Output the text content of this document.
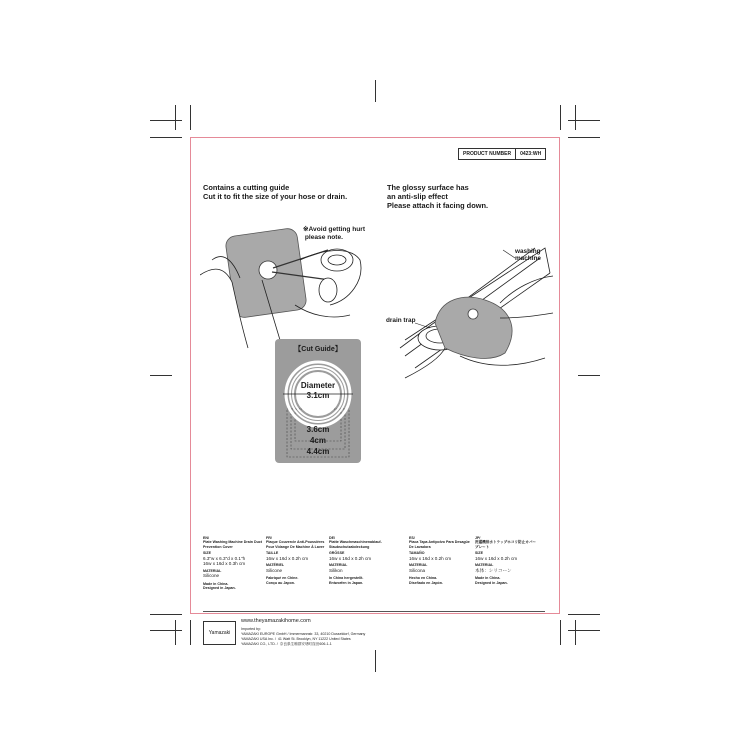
PRODUCT NUMBER	0423:WH
Contains a cutting guide
Cut it to fit the size of your hose or drain.
The glossy surface has
an anti-slip effect
Please attach it facing down.
※Avoid getting hurt
please note.
【Cut Guide】
Diameter
3.1cm
3.6cm
4cm
4.4cm
washing
machine
drain trap
EN/
Plate Washing Machine Drain Duct Prevention Cover
SIZE
6.3"w x 6.3"d x 0.1"h
16w x 16d x 0.3h cm
MATERIAL
Silicone
Made in China.
Designed in Japan.
FR/
Plaque Couvercle Anti-Poussières Pour Vidange De Machine À Laver
TAILLE
16w x 16d x 0.2h cm
MATÉRIEL
Silicone
Fabriqué en Chine.
Conçu au Japon.
DE/
Platte Waschmaschinenablauf-Staubschutzabdeckung
GRÖSSE
16w x 16d x 0.2h cm
MATERIAL
Silikon
In China hergestellt.
Entworfen in Japan.
ES/
Placa Tapa Antipolvo Para Desagüe De Lavadora
TAMAÑO
16w x 16d x 0.2h cm
MATERIAL
Silicona
Hecho en China.
Diseñado en Japón.
JP/
洗濯機排水トラップホコリ防止カバープレート
SIZE
16w x 16d x 0.2h cm
MATERIAL
本体：シリコーン
Made in China.
Designed in Japan.
Yamazaki
www.theyamazakihome.com
Imported by:
YAMAZAKI EUROPE GmbH / Immermannstr. 33, 40210 Dusseldorf, Germany
YAMAZAKI USA Inc. /  41 Watt St. Brooklyn, NY 11222 United States
YAMAZAKI CO., LTD. /  奈良県生駒郡安堵町窪田606-1-1
